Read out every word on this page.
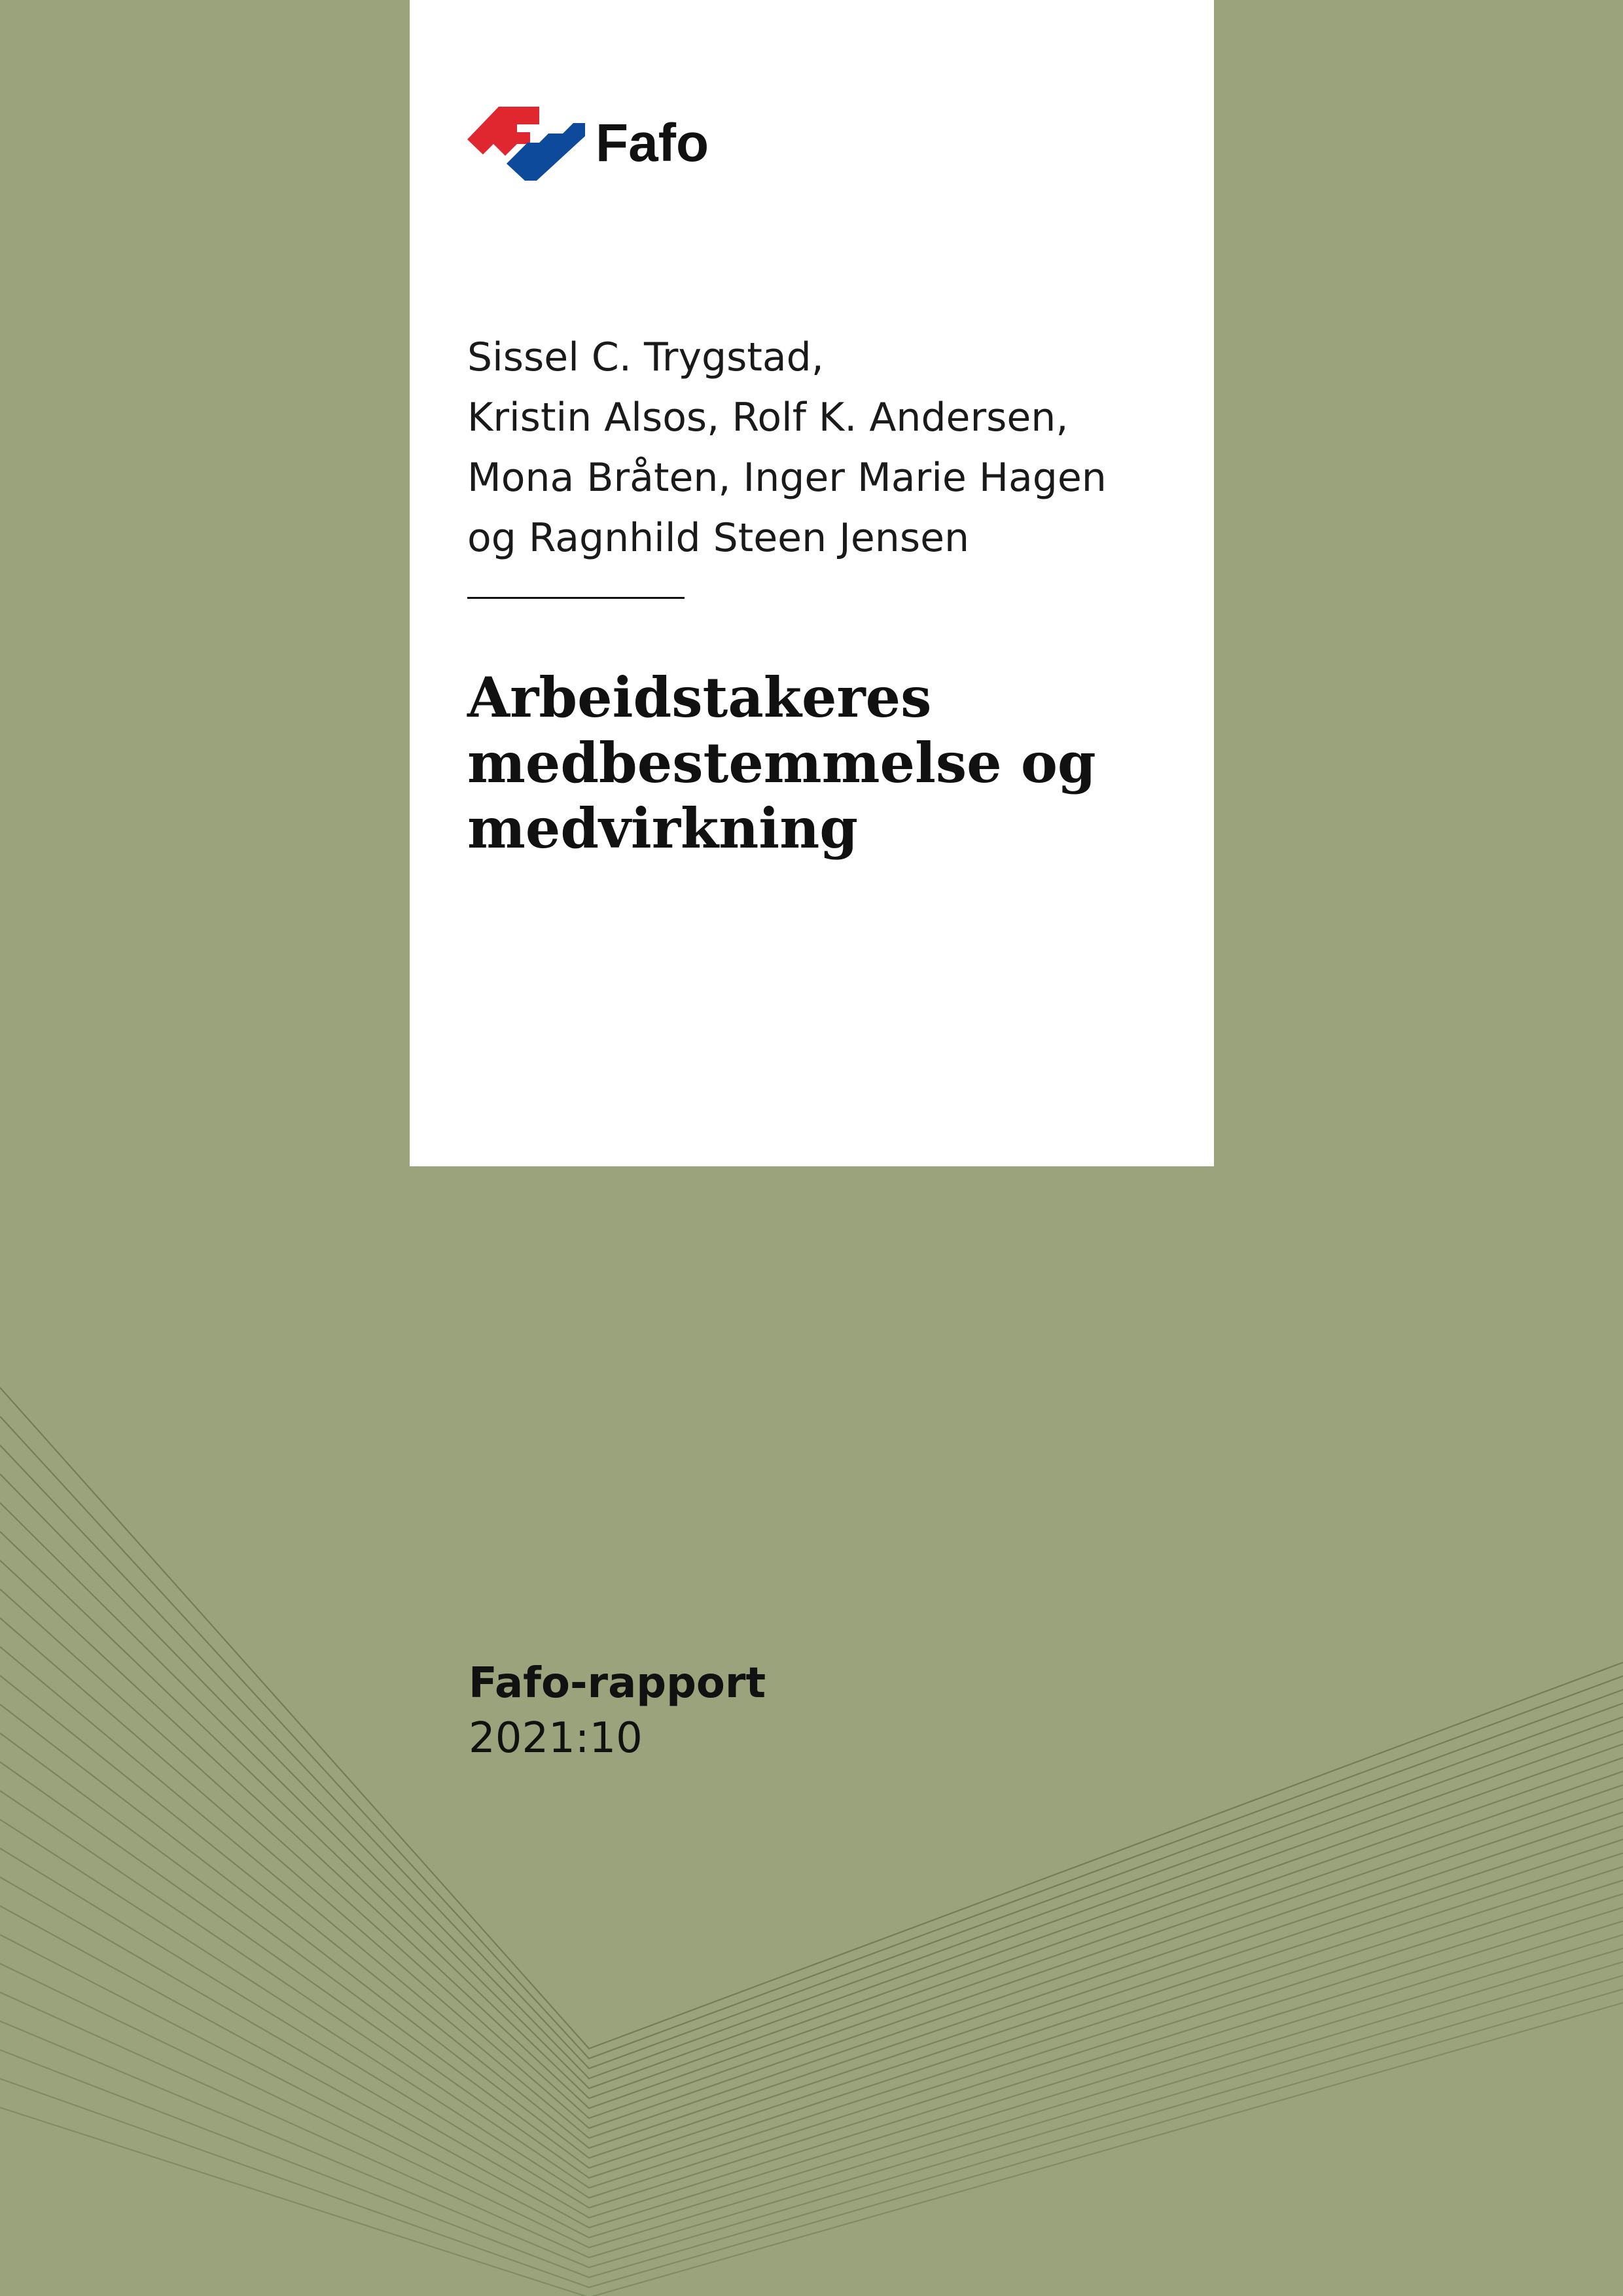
Fafo
Sissel C. Trygstad,
Kristin Alsos, Rolf K. Andersen,
Mona Bråten, Inger Marie Hagen
og Ragnhild Steen Jensen
Arbeidstakeres
medbestemmelse og
medvirkning
Fafo-rapport
2021:10
